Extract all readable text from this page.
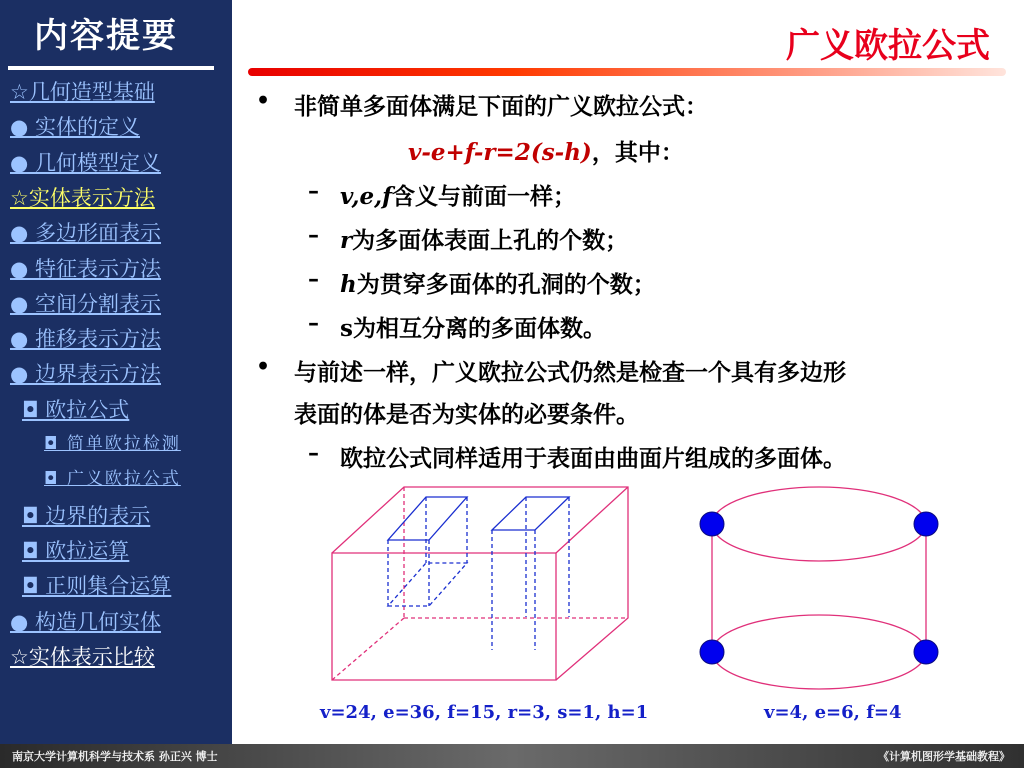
内容提要
☆几何造型基础
● 实体的定义
● 几何模型定义
☆实体表示方法
● 多边形面表示
● 特征表示方法
● 空间分割表示
● 推移表示方法
● 边界表示方法
◘ 欧拉公式
◘ 简单欧拉检测
◘ 广义欧拉公式
◘ 边界的表示
◘ 欧拉运算
◘ 正则集合运算
● 构造几何实体
☆实体表示比较
广义欧拉公式
• 非简单多面体满足下面的广义欧拉公式：
v-e+f-r=2(s-h)，其中：
– v,e,f含义与前面一样；
– r为多面体表面上孔的个数；
– h为贯穿多面体的孔洞的个数；
– s为相互分离的多面体数。
• 与前述一样，广义欧拉公式仍然是检查一个具有多边形
表面的体是否为实体的必要条件。
– 欧拉公式同样适用于表面由曲面片组成的多面体。
v=24, e=36, f=15, r=3, s=1, h=1	v=4, e=6, f=4
南京大学计算机科学与技术系 孙正兴 博士	《计算机图形学基础教程》
